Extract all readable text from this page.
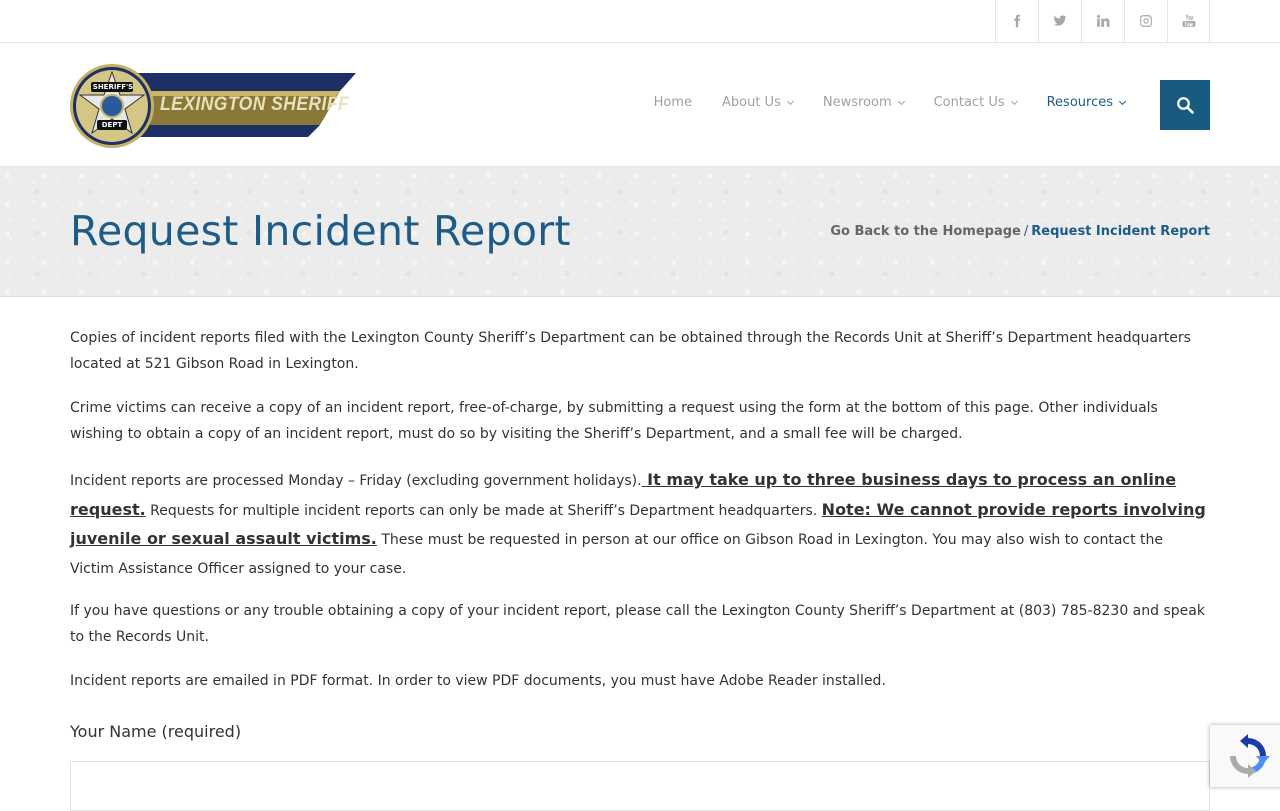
SHERIFF'S
DEPT
LEXINGTON SHERIFF	Home About Us	Newsroom	Contact Us	Resources
Request Incident Report	Go Back to the Homepage / Request Incident Report

Copies of incident reports filed with the Lexington County Sheriff’s Department can be obtained through the Records Unit at Sheriff’s Department headquarters located at 521 Gibson Road in Lexington.

Crime victims can receive a copy of an incident report, free-of-charge, by submitting a request using the form at the bottom of this page. Other individuals wishing to obtain a copy of an incident report, must do so by visiting the Sheriff’s Department, and a small fee will be charged.

Incident reports are processed Monday – Friday (excluding government holidays). It may take up to three business days to process an online request. Requests for multiple incident reports can only be made at Sheriff’s Department headquarters. Note: We cannot provide reports involving juvenile or sexual assault victims. These must be requested in person at our office on Gibson Road in Lexington. You may also wish to contact the Victim Assistance Officer assigned to your case.

If you have questions or any trouble obtaining a copy of your incident report, please call the Lexington County Sheriff’s Department at (803) 785-8230 and speak to the Records Unit.

Incident reports are emailed in PDF format. In order to view PDF documents, you must have Adobe Reader installed.

Your Name (required)
